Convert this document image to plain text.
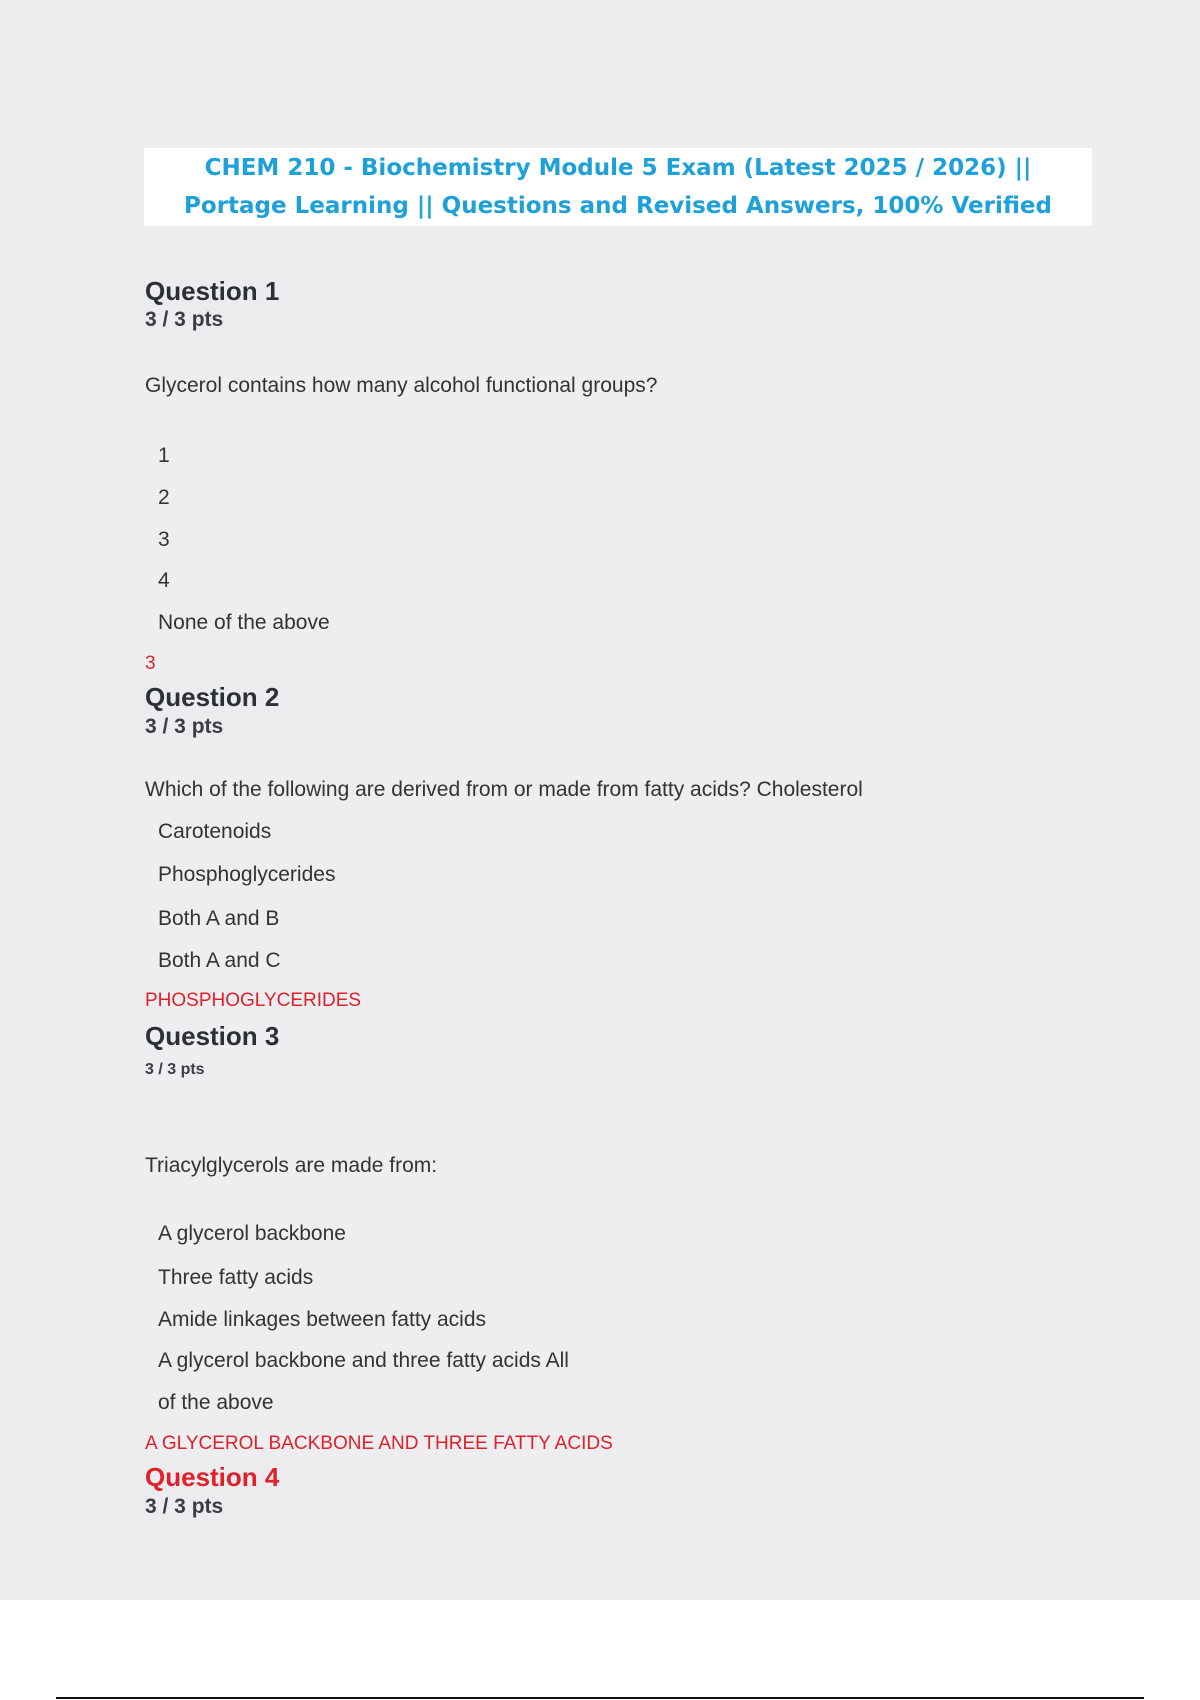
CHEM 210 - Biochemistry Module 5 Exam (Latest 2025 / 2026) ||
Portage Learning || Questions and Revised Answers, 100% Verified
Question 1
3 / 3 pts
Glycerol contains how many alcohol functional groups?
1
2
3
4
None of the above
3
Question 2
3 / 3 pts
Which of the following are derived from or made from fatty acids? Cholesterol
Carotenoids
Phosphoglycerides
Both A and B
Both A and C
PHOSPHOGLYCERIDES
Question 3
3 / 3 pts
Triacylglycerols are made from:
A glycerol backbone
Three fatty acids
Amide linkages between fatty acids
A glycerol backbone and three fatty acids All
of the above
A GLYCEROL BACKBONE AND THREE FATTY ACIDS
Question 4
3 / 3 pts
